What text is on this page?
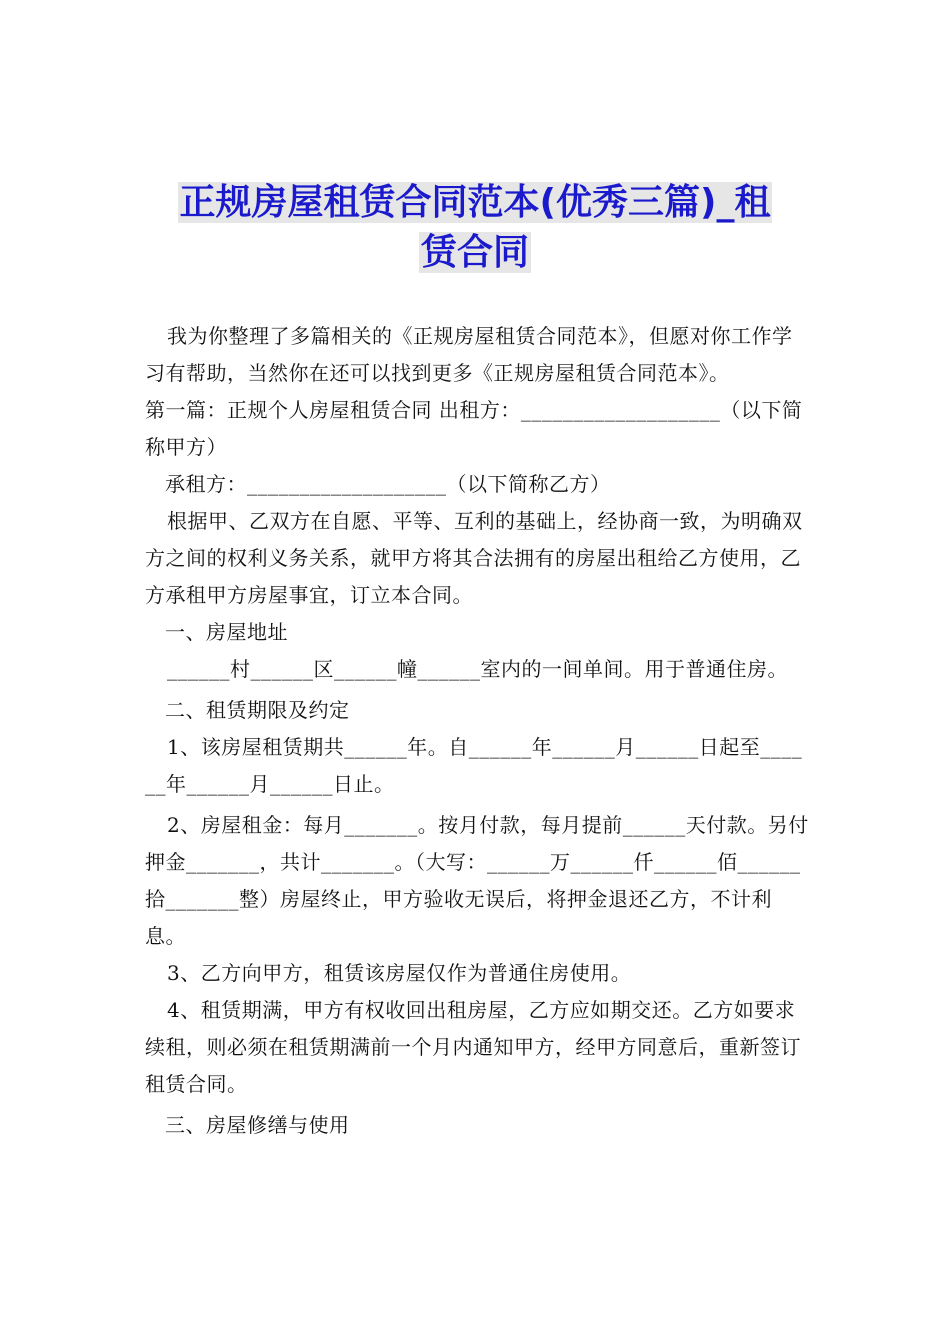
正规房屋租赁合同范本(优秀三篇)_租
赁合同

我为你整理了多篇相关的《正规房屋租赁合同范本》，但愿对你工作学习有帮助，当然你在还可以找到更多《正规房屋租赁合同范本》。

第一篇：正规个人房屋租赁合同 出租方：___________________（以下简称甲方）

承租方：___________________（以下简称乙方）

根据甲、乙双方在自愿、平等、互利的基础上，经协商一致，为明确双方之间的权利义务关系，就甲方将其合法拥有的房屋出租给乙方使用，乙方承租甲方房屋事宜，订立本合同。

一、房屋地址

______村______区______幢______室内的一间单间。用于普通住房。

二、租赁期限及约定

1、该房屋租赁期共______年。自______年______月______日起至______年______月______日止。

2、房屋租金：每月_______。按月付款，每月提前______天付款。另付押金_______，共计_______。（大写：______万______仟______佰______拾_______整）房屋终止，甲方验收无误后，将押金退还乙方，不计利息。

3、乙方向甲方，租赁该房屋仅作为普通住房使用。

4、租赁期满，甲方有权收回出租房屋，乙方应如期交还。乙方如要求续租，则必须在租赁期满前一个月内通知甲方，经甲方同意后，重新签订租赁合同。

三、房屋修缮与使用
